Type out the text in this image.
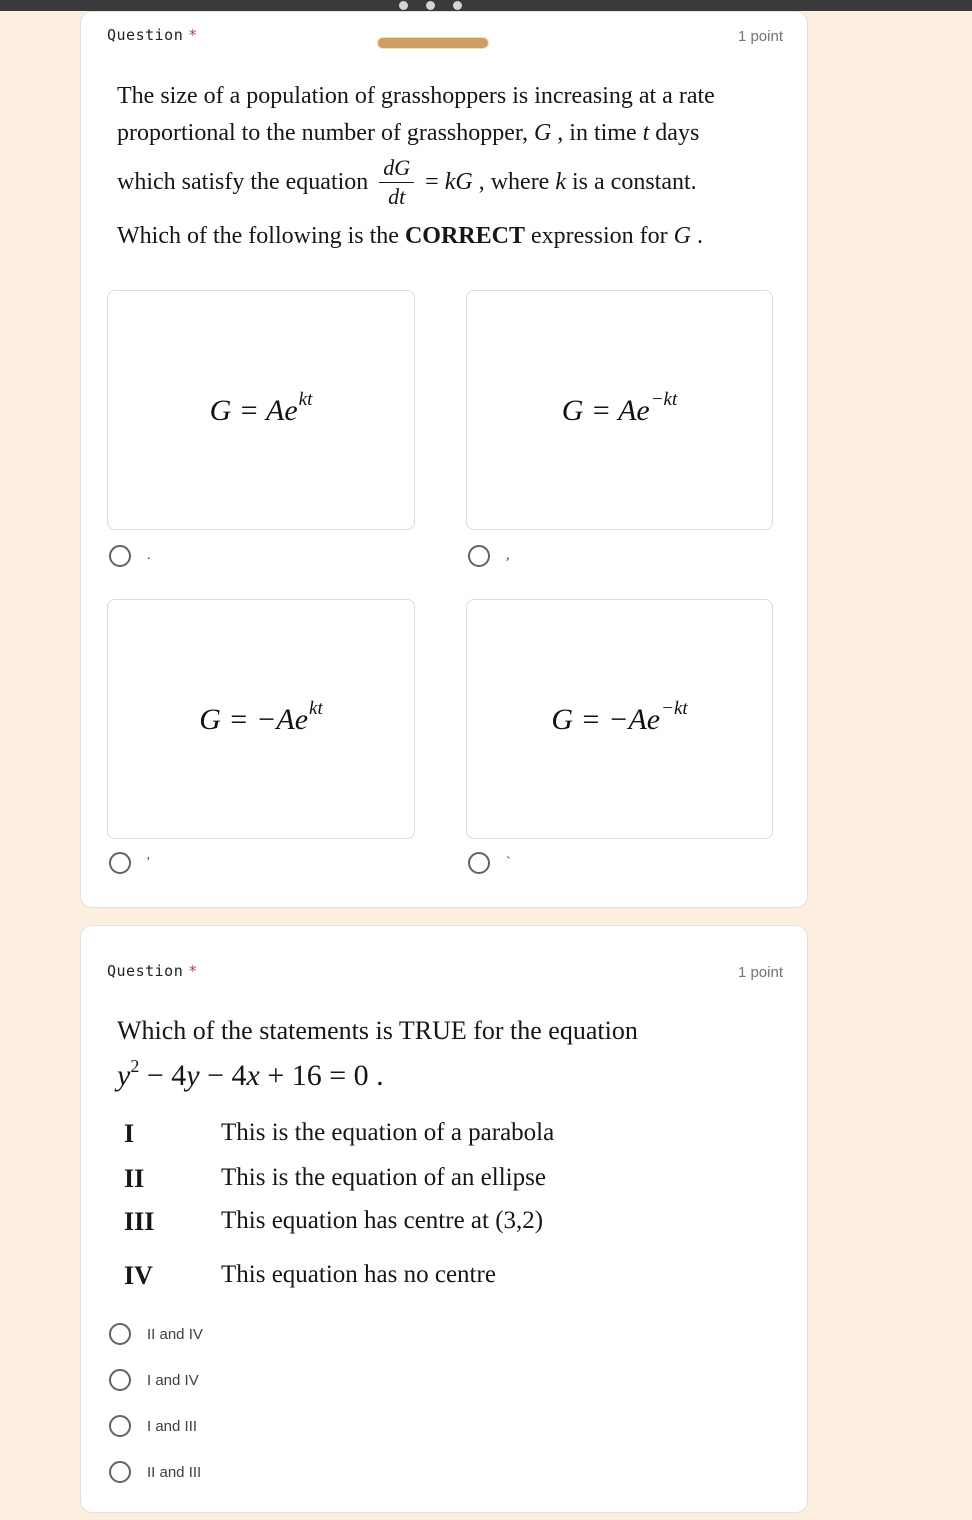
Question *	1 point
The size of a population of grasshoppers is increasing at a rate
proportional to the number of grasshopper, G , in time t days
which satisfy the equation $\frac{dG}{dt}$ = kG , where k is a constant.
Which of the following is the CORRECT expression for G .
$G = Ae^{kt}$	$G = Ae^{-kt}$
$G = -Ae^{kt}$	$G = -Ae^{-kt}$
.	,
'	`
Question *	1 point
Which of the statements is TRUE for the equation
$y^2 - 4y - 4x + 16 = 0$ .
I	This is the equation of a parabola
II	This is the equation of an ellipse
III	This equation has centre at (3,2)
IV	This equation has no centre
II and IV
I and IV
I and III
II and III
